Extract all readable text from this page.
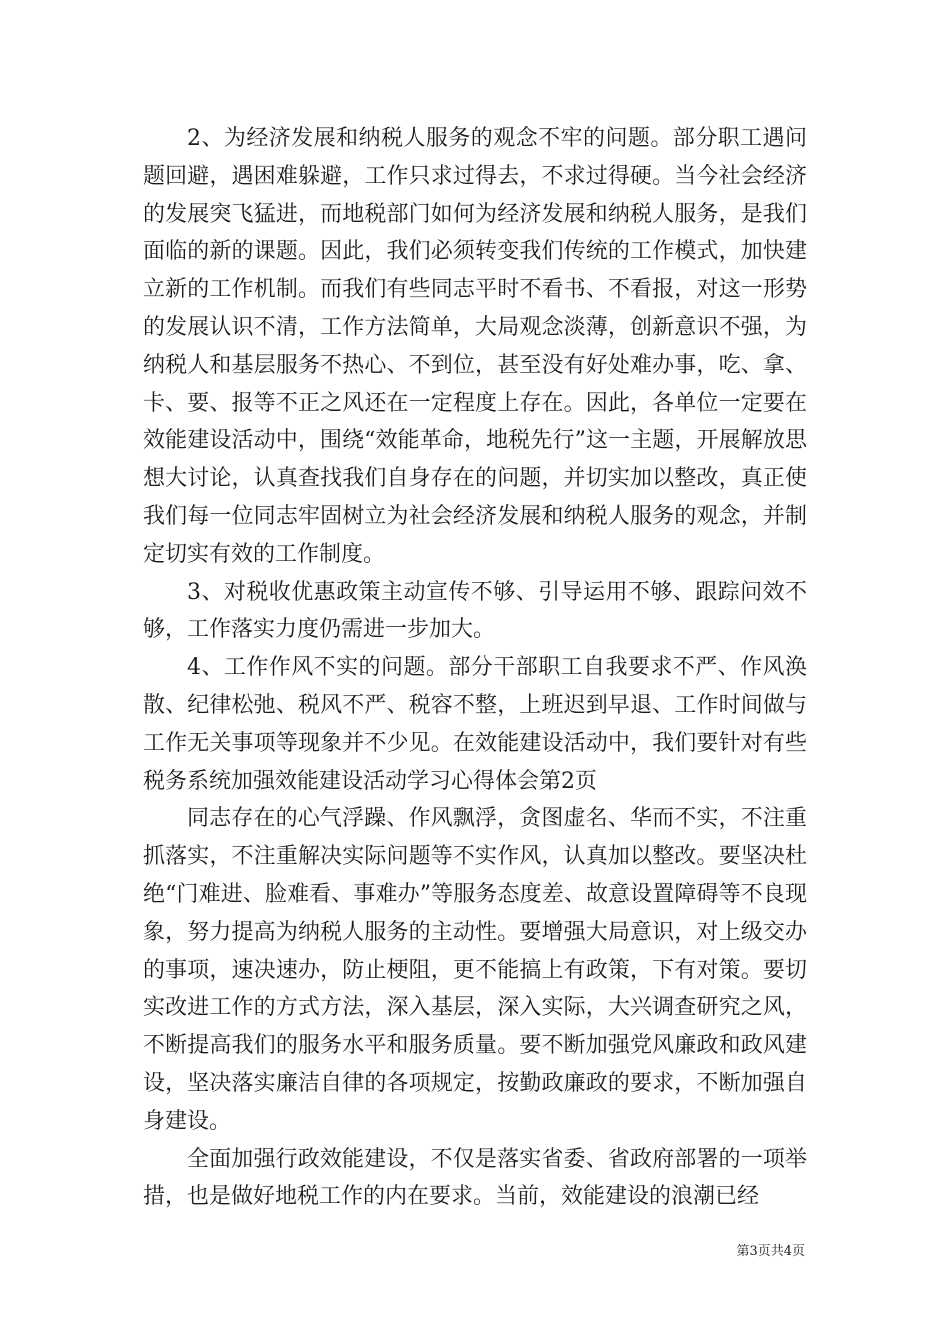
2、为经济发展和纳税人服务的观念不牢的问题。部分职工遇问题回避，遇困难躲避，工作只求过得去，不求过得硬。当今社会经济的发展突飞猛进，而地税部门如何为经济发展和纳税人服务，是我们面临的新的课题。因此，我们必须转变我们传统的工作模式，加快建立新的工作机制。而我们有些同志平时不看书、不看报，对这一形势的发展认识不清，工作方法简单，大局观念淡薄，创新意识不强，为纳税人和基层服务不热心、不到位，甚至没有好处难办事，吃、拿、卡、要、报等不正之风还在一定程度上存在。因此，各单位一定要在效能建设活动中，围绕“效能革命，地税先行”这一主题，开展解放思想大讨论，认真查找我们自身存在的问题，并切实加以整改，真正使我们每一位同志牢固树立为社会经济发展和纳税人服务的观念，并制定切实有效的工作制度。

3、对税收优惠政策主动宣传不够、引导运用不够、跟踪问效不够，工作落实力度仍需进一步加大。

4、工作作风不实的问题。部分干部职工自我要求不严、作风涣散、纪律松弛、税风不严、税容不整，上班迟到早退、工作时间做与工作无关事项等现象并不少见。在效能建设活动中，我们要针对有些税务系统加强效能建设活动学习心得体会第2页

同志存在的心气浮躁、作风飘浮，贪图虚名、华而不实，不注重抓落实，不注重解决实际问题等不实作风，认真加以整改。要坚决杜绝“门难进、脸难看、事难办”等服务态度差、故意设置障碍等不良现象，努力提高为纳税人服务的主动性。要增强大局意识，对上级交办的事项，速决速办，防止梗阻，更不能搞上有政策，下有对策。要切实改进工作的方式方法，深入基层，深入实际，大兴调查研究之风，不断提高我们的服务水平和服务质量。要不断加强党风廉政和政风建设，坚决落实廉洁自律的各项规定，按勤政廉政的要求，不断加强自身建设。

全面加强行政效能建设，不仅是落实省委、省政府部署的一项举措，也是做好地税工作的内在要求。当前，效能建设的浪潮已经

第3页共4页
